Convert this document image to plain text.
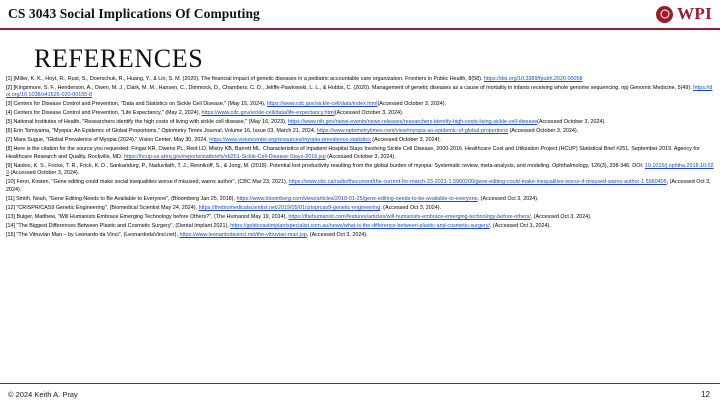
CS 3043 Social Implications Of Computing	WPI
REFERENCES

[1] [Miller, K. K., Hoyt, R., Rust, S., Doerschuk, R., Huang, Y., & Lin, S. M. (2020). The financial impact of genetic diseases in a pediatric accountable care organization. Frontiers in Public Health, 8(58). https://doi.org/10.3389/fpubh.2020.00058

[2] [Kingsmore, S. F., Henderson, A., Owen, M. J., Clark, M. M., Hansen, C., Dimmock, D., Chambers, C. D., Jeliffe-Pawlowski, L. L., & Hobbs, C. (2020). Management of genetic diseases as a cause of mortality in infants receiving whole genome sequencing. npj Genomic Medicine, 5(49). https://doi.org/10.1038/s41525-020-00155-8

[3] Centers for Disease Control and Prevention, "Data and Statistics on Sickle Cell Disease," (May 15, 2024), https://www.cdc.gov/sickle-cell/data/index.html(Accessed October 3, 2024).

[4] Centers for Disease Control and Prevention, "Life Expectancy," (May 2, 2024), https://www.cdc.gov/sickle-cell/data/life-expectancy.html(Accessed October 3, 2024).

[5] National Institutes of Health, "Researchers identify the high costs of living with sickle cell disease," (May 16, 2023), https://www.nih.gov/news-events/news-releases/researchers-identify-high-costs-living-sickle-cell-disease(Accessed October 3, 2024).

[6] Erin Tomiyama, "Myopia: An Epidemic of Global Proportions," Optometry Times Journal, Volume 16, Issue 03, March 21, 2024, https://www.optometrytimes.com/view/myopia-an-epidemic-of-global-proportions (Accessed October 3, 2024).

[7] Mara Sugue, "Global Prevalence of Myopia (2024)," Vision Center, May 30, 2024, https://www.visioncenter.org/resources/myopia-prevalence-statistics (Accessed October 3, 2024).

[8] Here is the citation for the source you requested: Fingar KR, Owens PL, Reid LD, Mistry KB, Barrett ML. Characteristics of Inpatient Hospital Stays Involving Sickle Cell Disease, 2000-2016. Healthcare Cost and Utilization Project (HCUP) Statistical Brief #251. September 2019. Agency for Healthcare Research and Quality, Rockville, MD. https://hcup-us.ahrq.gov/reports/statbriefs/sb251-Sickle-Cell-Disease-Stays-2016.jsp (Accessed October 3, 2024).

[9] Naidoo, K. S., Fricke, T. R., Frick, K. D., Sankaridurg, P., Naduvilath, T. J., Resnikoff, S., & Jong, M. (2018). Potential lost productivity resulting from the global burden of myopia: Systematic review, meta-analysis, and modeling. Ophthalmology, 126(3), 338-346. DOI: 10.1016/j.ophtha.2018.10.029 (Accessed October 3, 2024).

[10] Fenn, Kirsten, "Gene editing could make social inequalities worse if misused, warns author", (CBC Mar 23, 2021), https://www.cbc.ca/radio/thecurrent/the-current-for-march-23-2021-1.5960200/gene-editing-could-make-inequalities-worse-if-misused-warns-author-1.5960405, (Accessed Oct 3, 2024).

[11] Smith, Noah, "Gene Editing Needs to Be Available to Everyone", (Bloomberg Jan 25, 2018), https://www.bloomberg.com/view/articles/2018-01-25/gene-editing-needs-to-be-available-to-everyone, (Accessed Oct 3, 2024).

[12] "CRISPR/CAS9 Genetic Engineering", (Biomedical Scientist May 24, 2024), https://thebiomedicalscientist.net/2019/05/01/crisprcas9-genetic-engineering, (Accessed Oct 3, 2024).

[13] Bulger, Matthew, "Will Humanists Embrace Emerging Technology before Others?", (The Humanist May 19, 2014), https://thehumanist.com/features/articles/will-humanists-embrace-emerging-technology-before-others/, (Accessed Oct 3, 2024).

[14] "The Biggest Differences Between Plastic and Cosmetic Surgery", (Dental Implant 2021), https://goldcoastimplantspecialist.com.au/news/what-is-the-difference-between-plastic-and-cosmetic-surgery/, (Accessed Oct 3, 2024).

[15] "The Vitruvian Man – by Leonardo da Vinci", (LeonardodaVinci.net), https://www.leonardodavinci.net/the-vitruvian-man.jsp, (Accessed Oct 3, 2024).

© 2024 Keith A. Pray	12
